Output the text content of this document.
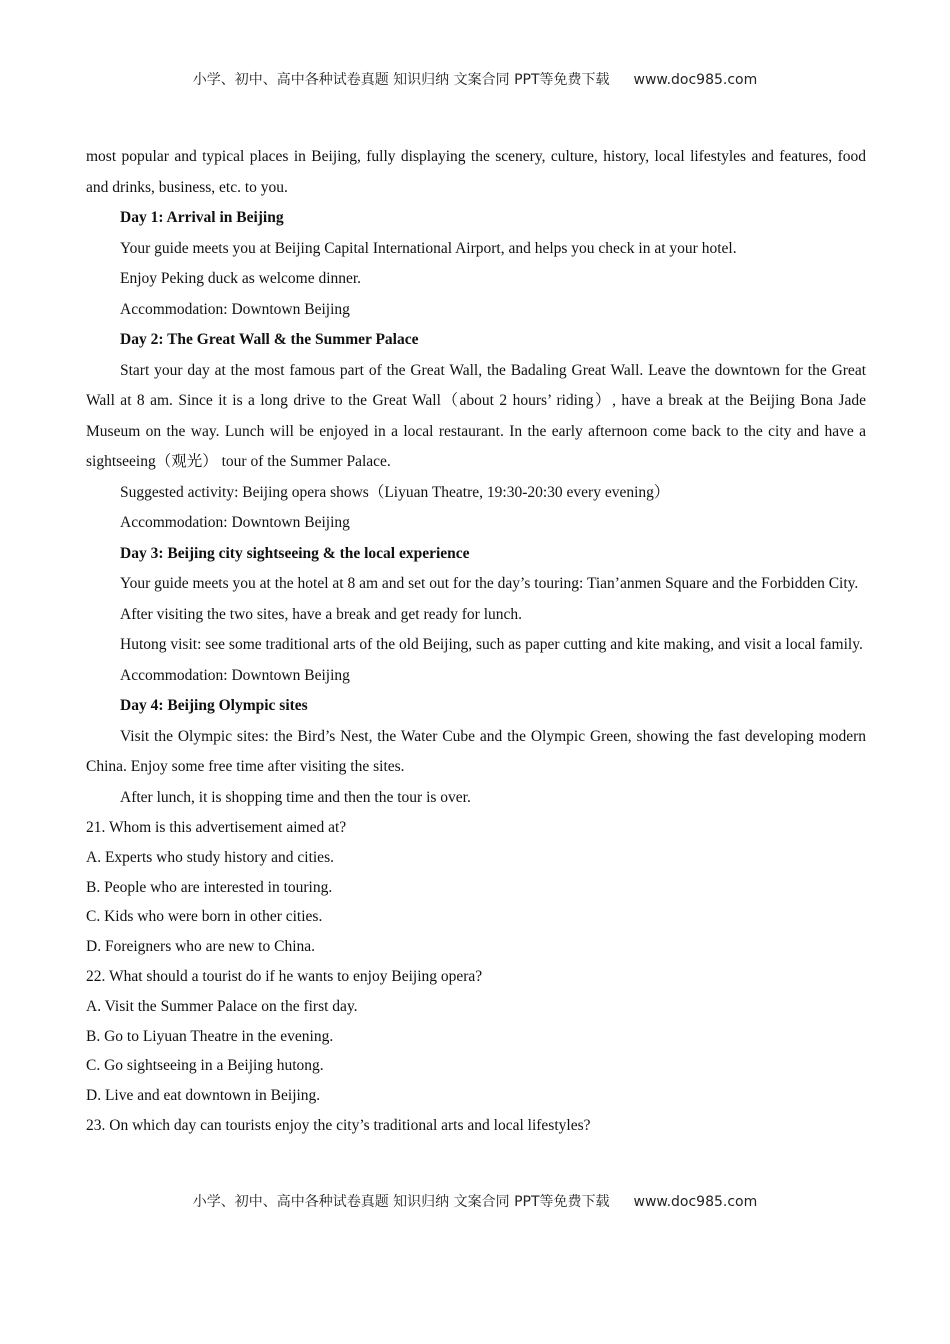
小学、初中、高中各种试卷真题 知识归纳 文案合同 PPT等免费下载 www.doc985.com

most popular and typical places in Beijing, fully displaying the scenery, culture, history, local lifestyles and features, food and drinks, business, etc. to you.

Day 1: Arrival in Beijing

Your guide meets you at Beijing Capital International Airport, and helps you check in at your hotel.

Enjoy Peking duck as welcome dinner.

Accommodation: Downtown Beijing

Day 2: The Great Wall & the Summer Palace

Start your day at the most famous part of the Great Wall, the Badaling Great Wall. Leave the downtown for the Great Wall at 8 am. Since it is a long drive to the Great Wall（about 2 hours’ riding）, have a break at the Beijing Bona Jade Museum on the way. Lunch will be enjoyed in a local restaurant. In the early afternoon come back to the city and have a sightseeing（观光） tour of the Summer Palace.

Suggested activity: Beijing opera shows（Liyuan Theatre, 19:30-20:30 every evening）

Accommodation: Downtown Beijing

Day 3: Beijing city sightseeing & the local experience

Your guide meets you at the hotel at 8 am and set out for the day’s touring: Tian’anmen Square and the Forbidden City.

After visiting the two sites, have a break and get ready for lunch.

Hutong visit: see some traditional arts of the old Beijing, such as paper cutting and kite making, and visit a local family.

Accommodation: Downtown Beijing

Day 4: Beijing Olympic sites

Visit the Olympic sites: the Bird’s Nest, the Water Cube and the Olympic Green, showing the fast developing modern China. Enjoy some free time after visiting the sites.

After lunch, it is shopping time and then the tour is over.

21. Whom is this advertisement aimed at?

A. Experts who study history and cities.

B. People who are interested in touring.

C. Kids who were born in other cities.

D. Foreigners who are new to China.

22. What should a tourist do if he wants to enjoy Beijing opera?

A. Visit the Summer Palace on the first day.

B. Go to Liyuan Theatre in the evening.

C. Go sightseeing in a Beijing hutong.

D. Live and eat downtown in Beijing.

23. On which day can tourists enjoy the city’s traditional arts and local lifestyles?

小学、初中、高中各种试卷真题 知识归纳 文案合同 PPT等免费下载 www.doc985.com
